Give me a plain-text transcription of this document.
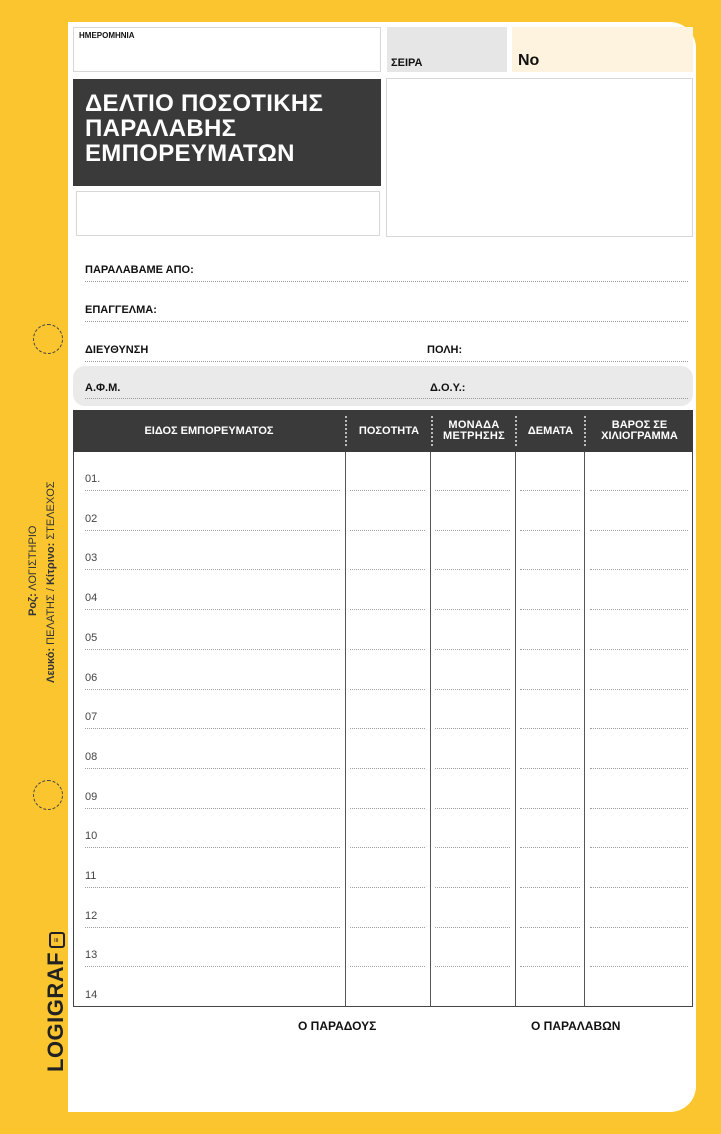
ΗΜΕΡΟΜΗΝΙΑ
ΣΕΙΡΑ	No
ΔΕΛΤΙΟ ΠΟΣΟΤΙΚΗΣ
ΠΑΡΑΛΑΒΗΣ
ΕΜΠΟΡΕΥΜΑΤΩΝ
ΠΑΡΑΛΑΒΑΜΕ ΑΠΟ:
ΕΠΑΓΓΕΛΜΑ:
ΔΙΕΥΘΥΝΣΗ	ΠΟΛΗ:
Α.Φ.Μ.	Δ.Ο.Υ.:
ΕΙΔΟΣ ΕΜΠΟΡΕΥΜΑΤΟΣ	ΠΟΣΟΤΗΤΑ	ΜΟΝΑΔΑ ΜΕΤΡΗΣΗΣ	ΔΕΜΑΤΑ	ΒΑΡΟΣ ΣΕ ΧΙΛΙΟΓΡΑΜΜΑ
01.
02
03
04
05
06
07
08
09
10
11
12
13
14
Ο ΠΑΡΑΔΟΥΣ	Ο ΠΑΡΑΛΑΒΩΝ
Ροζ: ΛΟΓΙΣΤΗΡΙΟ
Λευκό: ΠΕΛΑΤΗΣ / Κίτρινο: ΣΤΕΛΕΧΟΣ
LOGIGRAF≡
